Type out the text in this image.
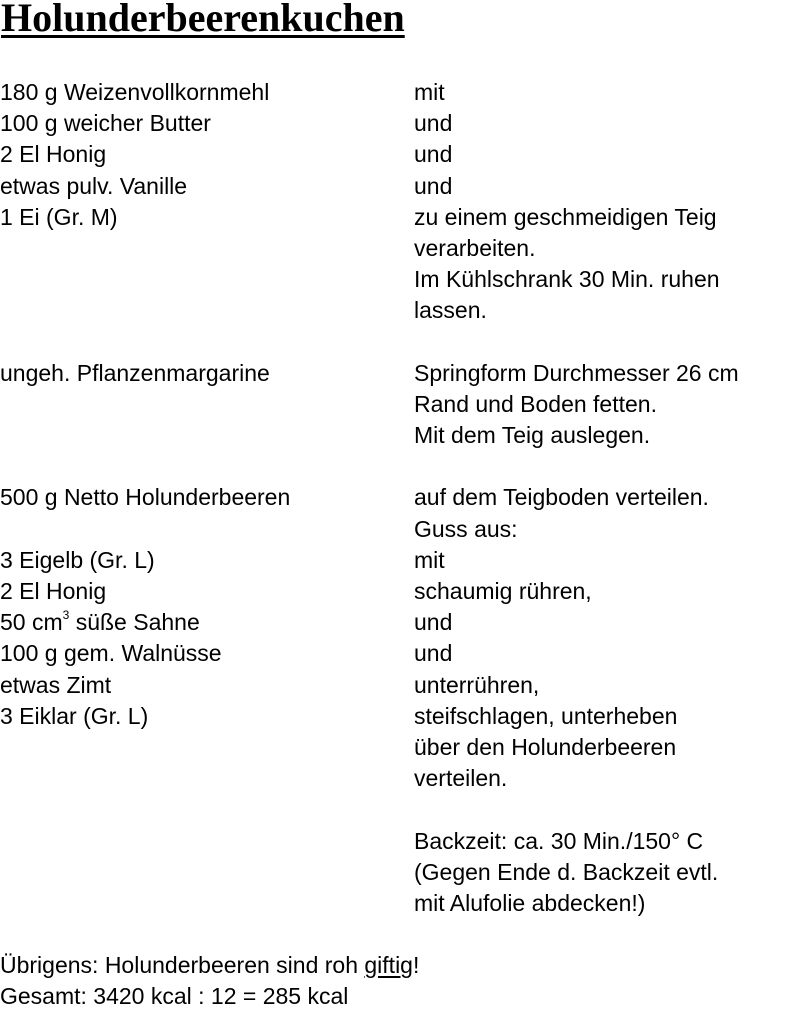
Holunderbeerenkuchen
180 g Weizenvollkornmehl	mit
100 g weicher Butter	und
2 El Honig	und
etwas pulv. Vanille	und
1 Ei (Gr. M)	zu einem geschmeidigen Teig
verarbeiten.
Im Kühlschrank 30 Min. ruhen
lassen.
ungeh. Pflanzenmargarine	Springform Durchmesser 26 cm
Rand und Boden fetten.
Mit dem Teig auslegen.
500 g Netto Holunderbeeren	auf dem Teigboden verteilen.
Guss aus:
3 Eigelb (Gr. L)	mit
2 El Honig	schaumig rühren,
50 $cm^3$ süße Sahne	und
100 g gem. Walnüsse	und
etwas Zimt	unterrühren,
3 Eiklar (Gr. L)	steifschlagen, unterheben
über den Holunderbeeren
verteilen.
Backzeit: ca. 30 Min./150° C
(Gegen Ende d. Backzeit evtl.
mit Alufolie abdecken!)
Übrigens: Holunderbeeren sind roh giftig!
Gesamt: 3420 kcal : 12 = 285 kcal
